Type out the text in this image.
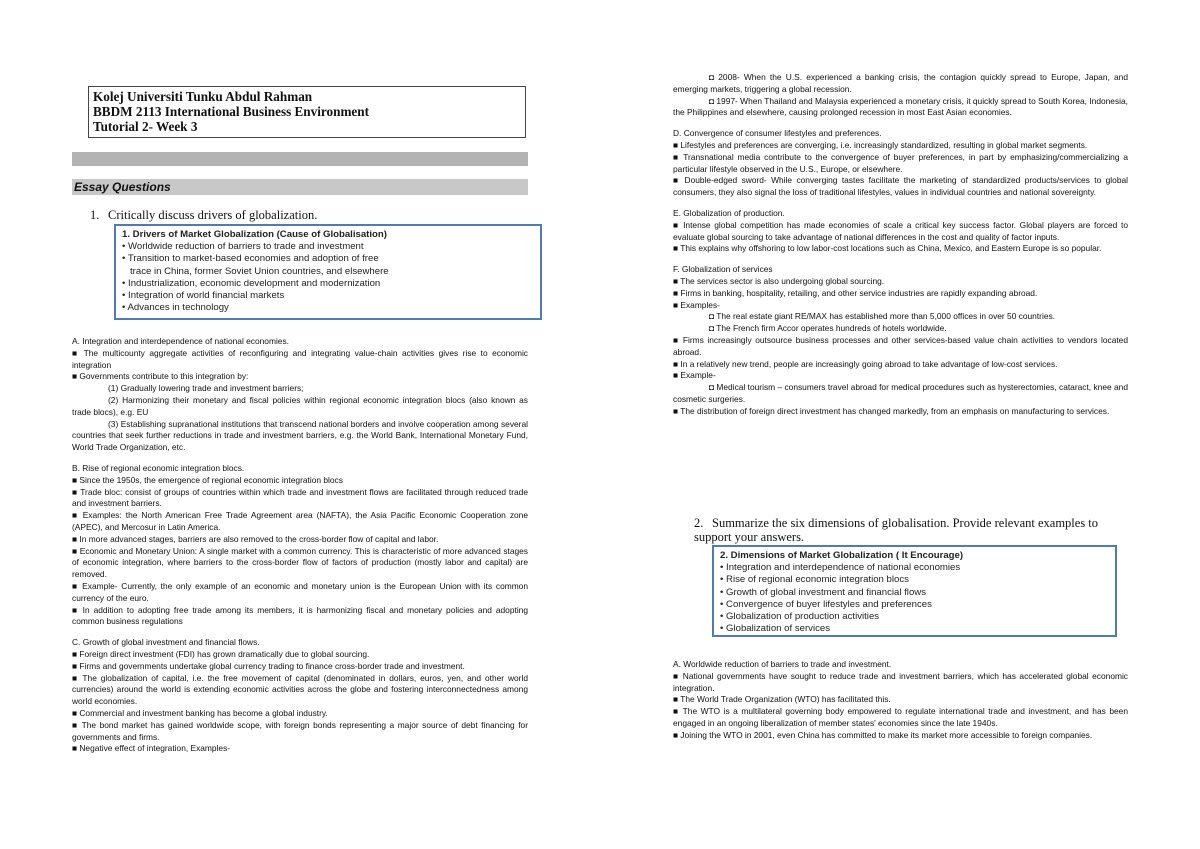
Kolej Universiti Tunku Abdul Rahman
BBDM 2113 International Business Environment
Tutorial 2- Week 3
Essay Questions
1. Critically discuss drivers of globalization.
1. Drivers of Market Globalization (Cause of Globalisation)
• Worldwide reduction of barriers to trade and investment
• Transition to market-based economies and adoption of free
trace in China, former Soviet Union countries, and elsewhere
• Industrialization, economic development and modernization
• Integration of world financial markets
• Advances in technology

A. Integration and interdependence of national economies.

■ The multicounty aggregate activities of reconfiguring and integrating value-chain activities gives rise to economic integration

■ Governments contribute to this integration by:

(1) Gradually lowering trade and investment barriers;

(2) Harmonizing their monetary and fiscal policies within regional economic integration blocs (also known as trade blocs), e.g. EU

(3) Establishing supranational institutions that transcend national borders and involve cooperation among several countries that seek further reductions in trade and investment barriers, e.g. the World Bank, International Monetary Fund, World Trade Organization, etc.

B. Rise of regional economic integration blocs.

■ Since the 1950s, the emergence of regional economic integration blocs

■ Trade bloc: consist of groups of countries within which trade and investment flows are facilitated through reduced trade and investment barriers.

■ Examples: the North American Free Trade Agreement area (NAFTA), the Asia Pacific Economic Cooperation zone (APEC), and Mercosur in Latin America.

■ In more advanced stages, barriers are also removed to the cross-border flow of capital and labor.

■ Economic and Monetary Union: A single market with a common currency. This is characteristic of more advanced stages of economic integration, where barriers to the cross-border flow of factors of production (mostly labor and capital) are removed.

■ Example- Currently, the only example of an economic and monetary union is the European Union with its common currency of the euro.

■ In addition to adopting free trade among its members, it is harmonizing fiscal and monetary policies and adopting common business regulations

C. Growth of global investment and financial flows.

■ Foreign direct investment (FDI) has grown dramatically due to global sourcing.

■ Firms and governments undertake global currency trading to finance cross-border trade and investment.

■ The globalization of capital, i.e. the free movement of capital (denominated in dollars, euros, yen, and other world currencies) around the world is extending economic activities across the globe and fostering interconnectedness among world economies.

■ Commercial and investment banking has become a global industry.

■ The bond market has gained worldwide scope, with foreign bonds representing a major source of debt financing for governments and firms.

■ Negative effect of integration, Examples-

◘ 2008- When the U.S. experienced a banking crisis, the contagion quickly spread to Europe, Japan, and emerging markets, triggering a global recession.

◘ 1997- When Thailand and Malaysia experienced a monetary crisis, it quickly spread to South Korea, Indonesia, the Philippines and elsewhere, causing prolonged recession in most East Asian economies.

D. Convergence of consumer lifestyles and preferences.

■ Lifestyles and preferences are converging, i.e. increasingly standardized, resulting in global market segments.

■ Transnational media contribute to the convergence of buyer preferences, in part by emphasizing/commercializing a particular lifestyle observed in the U.S., Europe, or elsewhere.

■ Double-edged sword- While converging tastes facilitate the marketing of standardized products/services to global consumers, they also signal the loss of traditional lifestyles, values in individual countries and national sovereignty.

E. Globalization of production.

■ Intense global competition has made economies of scale a critical key success factor. Global players are forced to evaluate global sourcing to take advantage of national differences in the cost and quality of factor inputs.

■ This explains why offshoring to low labor-cost locations such as China, Mexico, and Eastern Europe is so popular.

F. Globalization of services

■ The services sector is also undergoing global sourcing.

■ Firms in banking, hospitality, retailing, and other service industries are rapidly expanding abroad.

■ Examples-

◘ The real estate giant RE/MAX has established more than 5,000 offices in over 50 countries.

◘ The French firm Accor operates hundreds of hotels worldwide.

■ Firms increasingly outsource business processes and other services-based value chain activities to vendors located abroad.

■ In a relatively new trend, people are increasingly going abroad to take advantage of low-cost services.

■ Example-

◘ Medical tourism – consumers travel abroad for medical procedures such as hysterectomies, cataract, knee and cosmetic surgeries.

■ The distribution of foreign direct investment has changed markedly, from an emphasis on manufacturing to services.

2. Summarize the six dimensions of globalisation. Provide relevant examples to support your answers.
2. Dimensions of Market Globalization ( It Encourage)
• Integration and interdependence of national economies
• Rise of regional economic integration blocs
• Growth of global investment and financial flows
• Convergence of buyer lifestyles and preferences
• Globalization of production activities
• Globalization of services

A. Worldwide reduction of barriers to trade and investment.

■ National governments have sought to reduce trade and investment barriers, which has accelerated global economic integration.

■ The World Trade Organization (WTO) has facilitated this.

■ The WTO is a multilateral governing body empowered to regulate international trade and investment, and has been engaged in an ongoing liberalization of member states' economies since the late 1940s.

■ Joining the WTO in 2001, even China has committed to make its market more accessible to foreign companies.
